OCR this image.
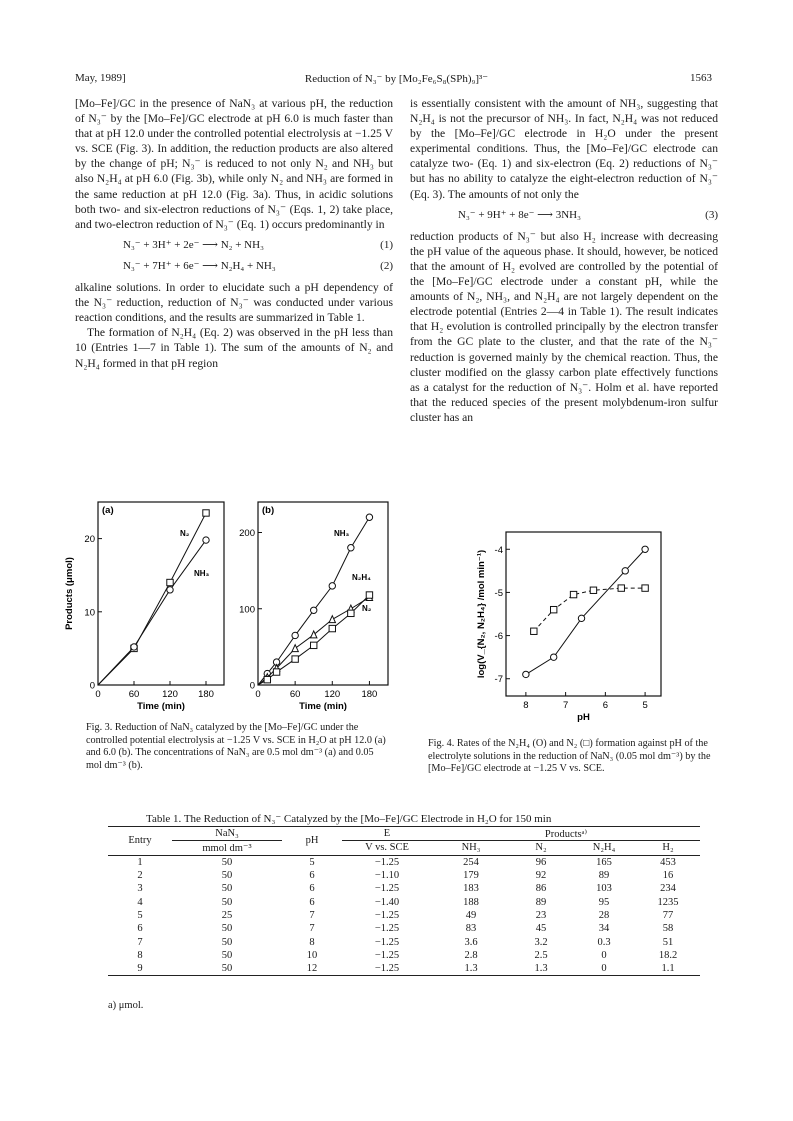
May, 1989]	Reduction of N₃⁻ by [Mo₂Fe₆S₈(SPh)₉]³⁻	1563

[Mo–Fe]/GC in the presence of NaN₃ at various pH, the reduction of N₃⁻ by the [Mo–Fe]/GC electrode at pH 6.0 is much faster than that at pH 12.0 under the controlled potential electrolysis at −1.25 V vs. SCE (Fig. 3). In addition, the reduction products are also altered by the change of pH; N₃⁻ is reduced to not only N₂ and NH₃ but also N₂H₄ at pH 6.0 (Fig. 3b), while only N₂ and NH₃ are formed in the same reduction at pH 12.0 (Fig. 3a). Thus, in acidic solutions both two- and six-electron reductions of N₃⁻ (Eqs. 1, 2) take place, and two-electron reduction of N₃⁻ (Eq. 1) occurs predominantly in

N₃⁻ + 3H⁺ + 2e⁻ ⟶ N₂ + NH₃	(1)
N₃⁻ + 7H⁺ + 6e⁻ ⟶ N₂H₄ + NH₃	(2)

alkaline solutions. In order to elucidate such a pH dependency of the N₃⁻ reduction, reduction of N₃⁻ was conducted under various reaction conditions, and the results are summarized in Table 1.

The formation of N₂H₄ (Eq. 2) was observed in the pH less than 10 (Entries 1—7 in Table 1). The sum of the amounts of N₂ and N₂H₄ formed in that pH region

is essentially consistent with the amount of NH₃, suggesting that N₂H₄ is not the precursor of NH₃. In fact, N₂H₄ was not reduced by the [Mo–Fe]/GC electrode in H₂O under the present experimental conditions. Thus, the [Mo–Fe]/GC electrode can catalyze two- (Eq. 1) and six-electron (Eq. 2) reductions of N₃⁻ but has no ability to catalyze the eight-electron reduction of N₃⁻ (Eq. 3). The amounts of not only the

N₃⁻ + 9H⁺ + 8e⁻ ⟶ 3NH₃	(3)

reduction products of N₃⁻ but also H₂ increase with decreasing the pH value of the aqueous phase. It should, however, be noticed that the amount of H₂ evolved are controlled by the potential of the [Mo–Fe]/GC electrode under a constant pH, while the amounts of N₂, NH₃, and N₂H₄ are not largely dependent on the electrode potential (Entries 2—4 in Table 1). The result indicates that H₂ evolution is controlled principally by the electron transfer from the GC plate to the cluster, and that the rate of the N₃⁻ reduction is governed mainly by the chemical reaction. Thus, the cluster modified on the glassy carbon plate effectively functions as a catalyst for the reduction of N₃⁻. Holm et al. have reported that the reduced species of the present molybdenum-iron sulfur cluster has an

0	60 120 180
0
10
20
Time (min)
Products (μmol)
(a)
N₂
NH₃
0	60	120 180
0
100
200
Time (min)
(b)
NH₃
N₂H₄
N₂
Fig. 3. Reduction of NaN₃ catalyzed by the [Mo–Fe]/GC under the controlled potential electrolysis at −1.25 V vs. SCE in H₂O at pH 12.0 (a) and 6.0 (b). The concentrations of NaN₃ are 0.5 mol dm⁻³ (a) and 0.05 mol dm⁻³ (b).
8	7	6	5
-7
-6
-5
-4
pH
log(V_{N₂, N₂H₄} /mol min⁻¹)
Fig. 4. Rates of the N₂H₄ (O) and N₂ (□) formation against pH of the electrolyte solutions in the reduction of NaN₃ (0.05 mol dm⁻³) by the [Mo–Fe]/GC electrode at −1.25 V vs. SCE.
Table 1. The Reduction of N₃⁻ Catalyzed by the [Mo–Fe]/GC Electrode in H₂O for 150 min
Entry	NaN₃	pH	E	Productsᵃ⁾			
	mmol dm⁻³		V vs. SCE	NH₃	N₂	N₂H₄	H₂
1	50	5	−1.25	254	96	165	453
2	50	6	−1.10	179	92	89	16
3	50	6	−1.25	183	86	103	234
4	50	6	−1.40	188	89	95	1235
5	25	7	−1.25	49	23	28	77
6	50	7	−1.25	83	45	34	58
7	50	8	−1.25	3.6	3.2	0.3	51
8	50	10	−1.25	2.8	2.5	0	18.2
9	50	12	−1.25	1.3	1.3	0	1.1
a) μmol.
